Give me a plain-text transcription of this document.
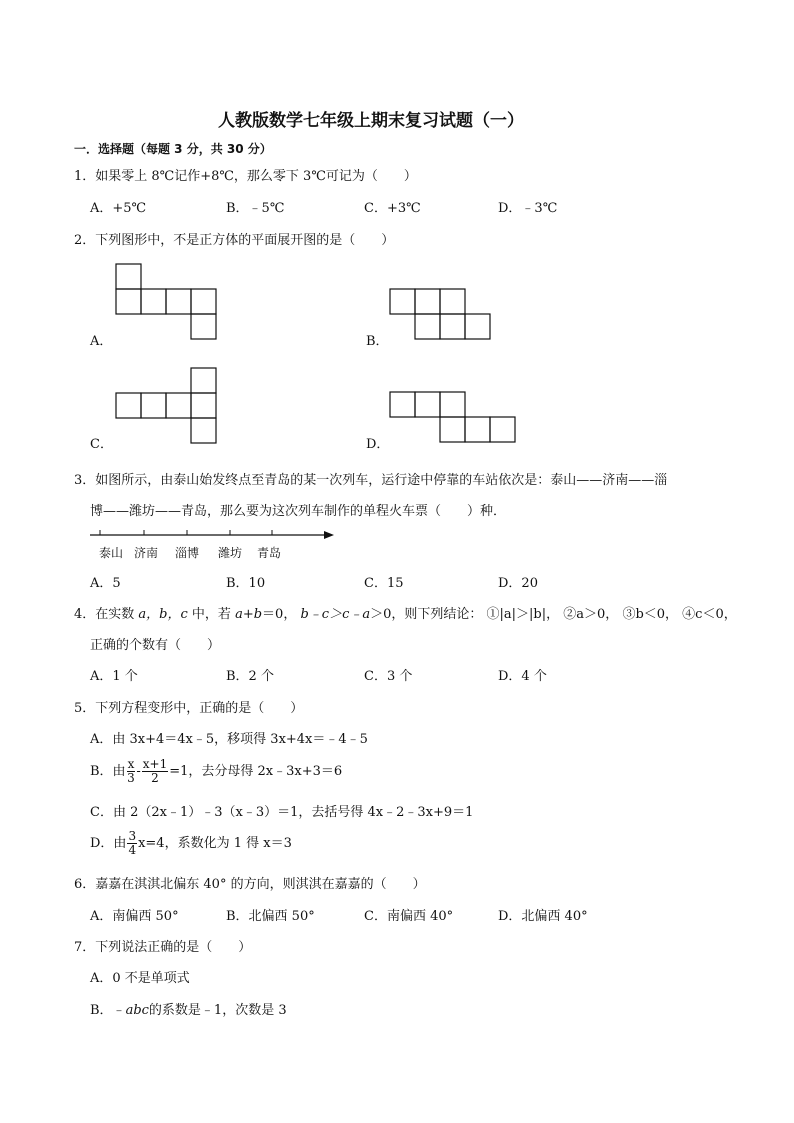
人教版数学七年级上期末复习试题（一）
一．选择题（每题 3 分，共 30 分）
1．如果零上 8℃记作+8℃，那么零下 3℃可记为（　　）
A．+5℃	B．﹣5℃	C．+3℃	D．﹣3℃
2．下列图形中，不是正方体的平面展开图的是（　　）
A．	B．
C．	D．
3．如图所示，由泰山始发终点至青岛的某一次列车，运行途中停靠的车站依次是：泰山——济南——淄
博——潍坊——青岛，那么要为这次列车制作的单程火车票（　　）种．
泰山 济南 淄博 潍坊 青岛
A．5	B．10	C．15	D．20
4．在实数 a，b，c 中，若 a+b＝0， b﹣c＞c﹣a＞0，则下列结论： ①|a|＞|b|， ②a＞0， ③b＜0， ④c＜0，
正确的个数有（　　）
A．1 个	B．2 个	C．3 个	D．4 个
5．下列方程变形中，正确的是（　　）
A．由 3x+4＝4x﹣5，移项得 3x+4x＝﹣4﹣5
B．由 $\frac{x}{3} - \frac{x+1}{2} =1$，去分母得 2x﹣3x+3＝6
C．由 2（2x﹣1）﹣3（x﹣3）＝1，去括号得 4x﹣2﹣3x+9＝1
D．由 $\frac{3}{4} x=4$，系数化为 1 得 x＝3
6．嘉嘉在淇淇北偏东 40° 的方向，则淇淇在嘉嘉的（　　）
A．南偏西 50°	B．北偏西 50°	C．南偏西 40°	D．北偏西 40°
7．下列说法正确的是（　　）
A．0 不是单项式
B．﹣abc的系数是﹣1，次数是 3
